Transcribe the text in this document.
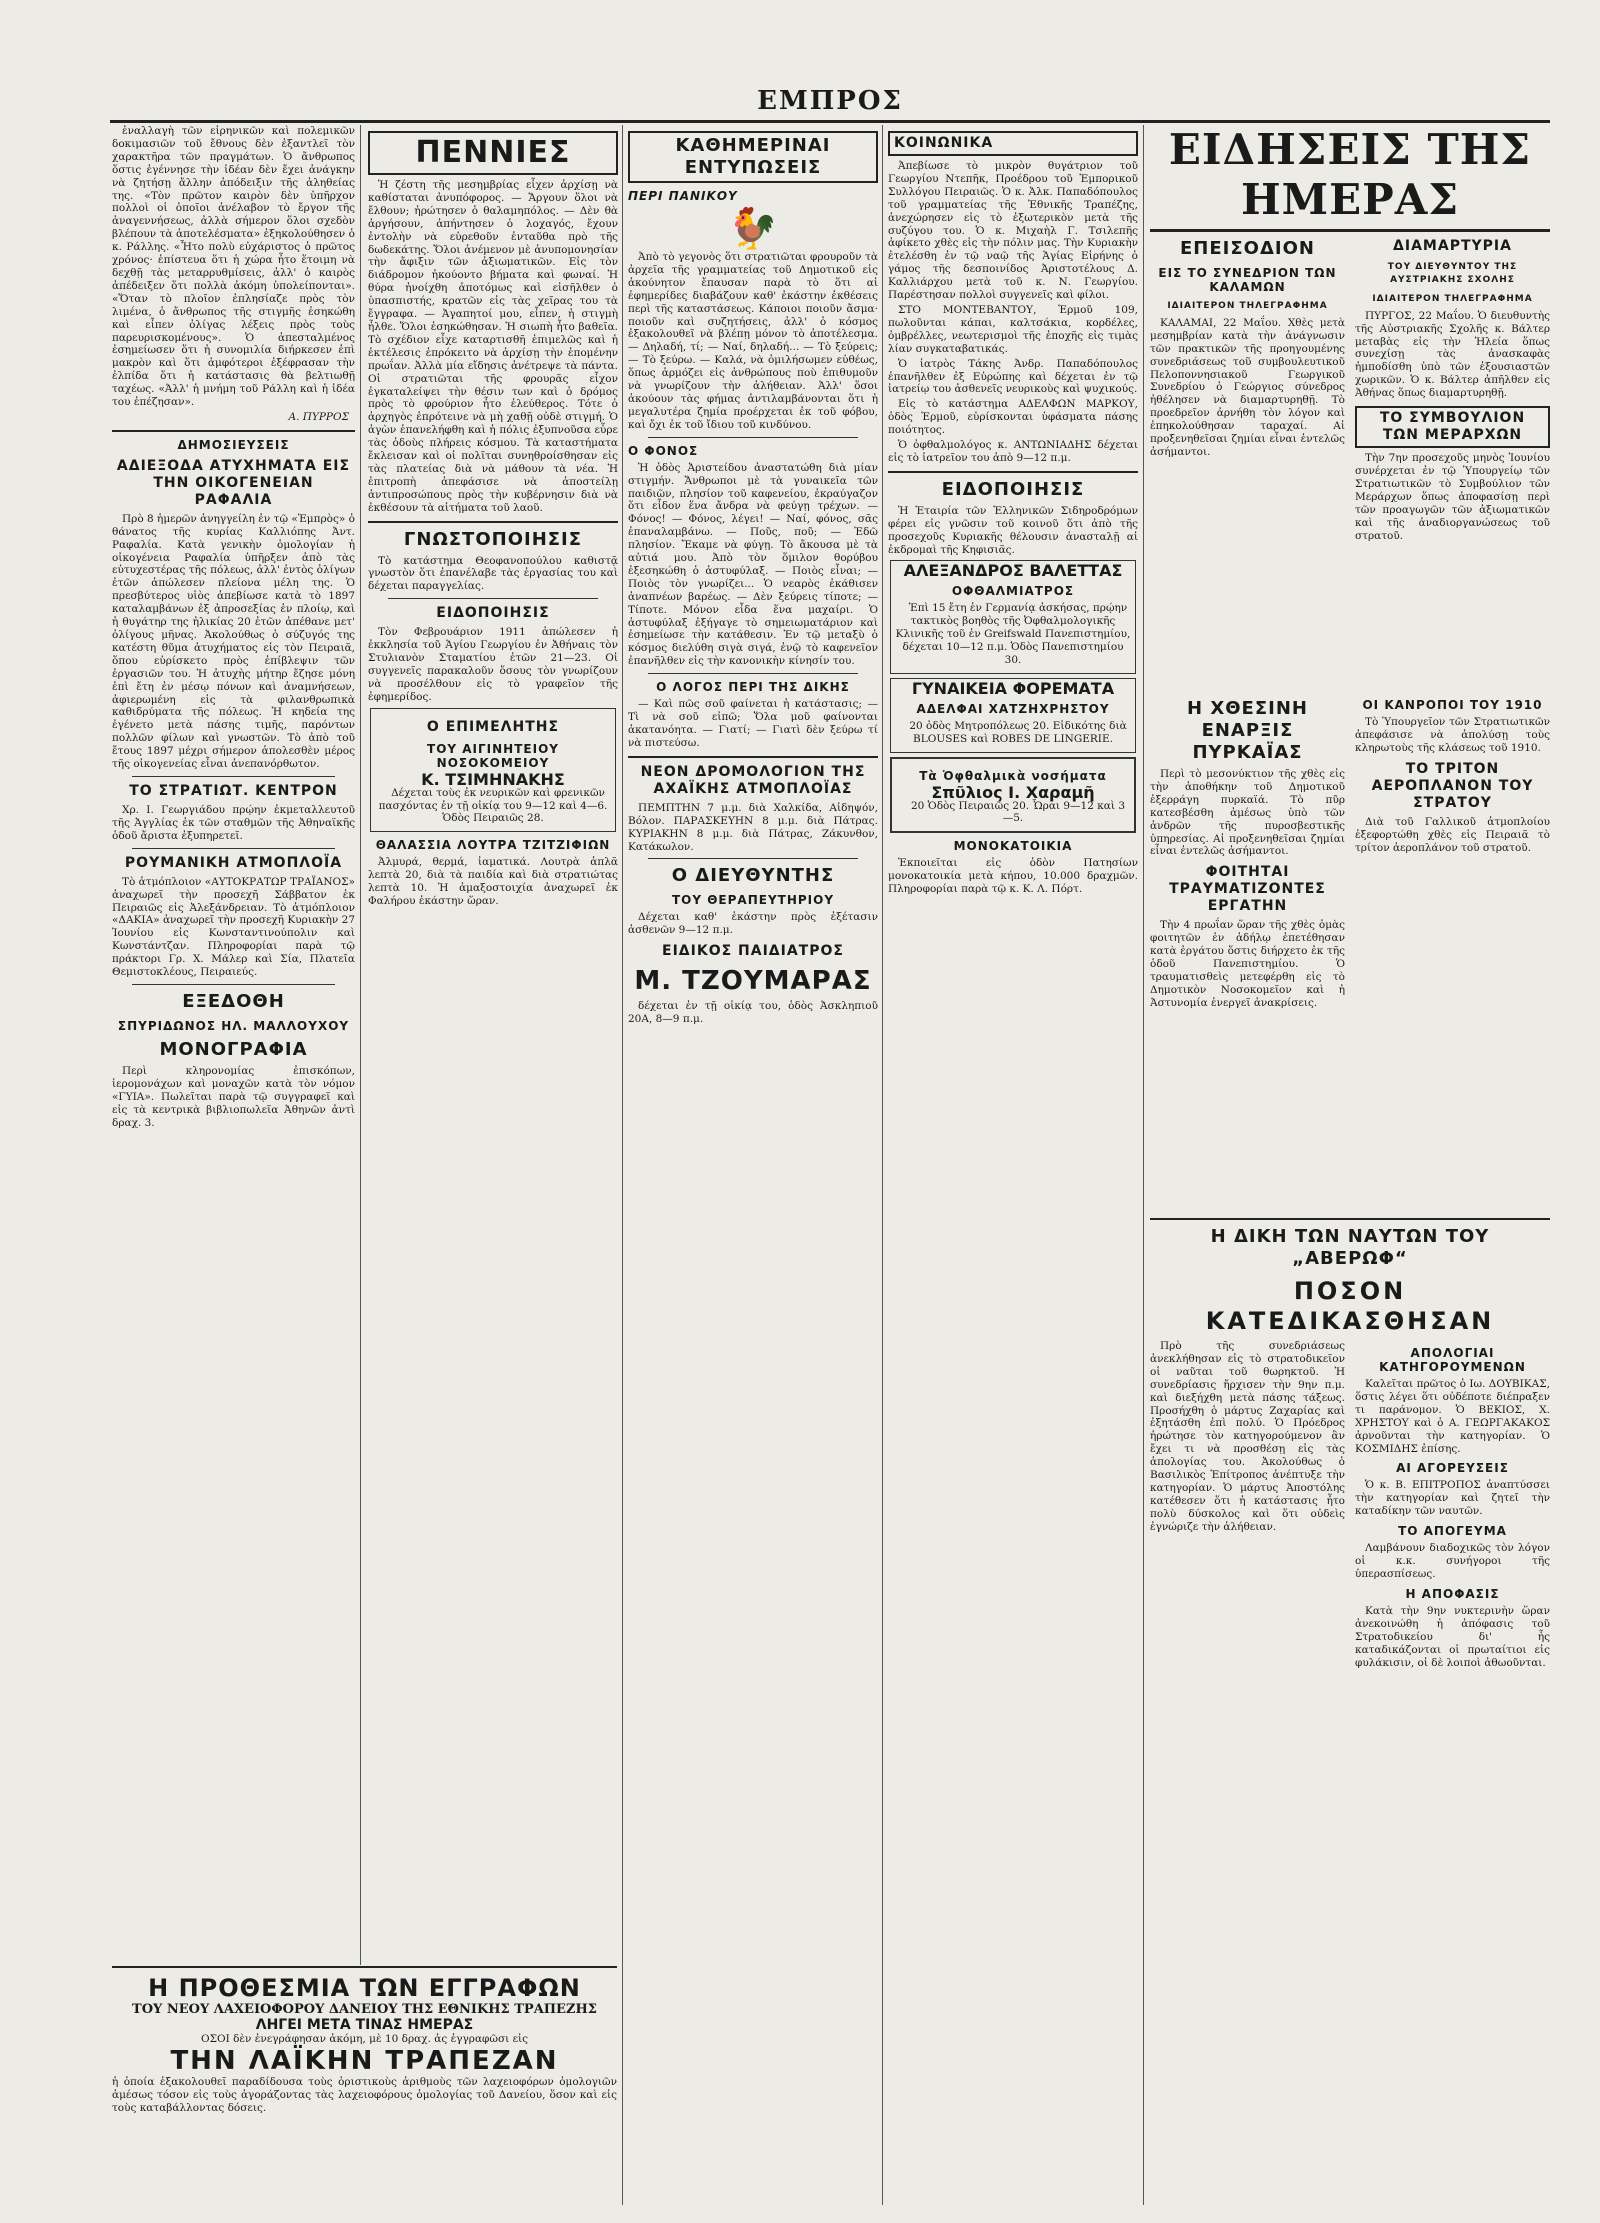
ΕΜΠΡΟΣ

ἐναλλαγὴ τῶν εἰρηνικῶν καὶ πολεμικῶν δοκιμασιῶν τοῦ ἔθνους δὲν ἐξαντλεῖ τὸν χαρακτῆρα τῶν πραγμάτων. Ὁ ἄνθρωπος ὅστις ἐγέννησε τὴν ἰδέαν δὲν ἔχει ἀνάγκην νὰ ζητήσῃ ἄλλην ἀπόδειξιν τῆς ἀληθείας της. «Τὸν πρῶτον καιρὸν δὲν ὑπῆρχον πολλοὶ οἱ ὁποῖοι ἀνέλαβον τὸ ἔργον τῆς ἀναγεννήσεως, ἀλλὰ σήμερον ὅλοι σχεδὸν βλέπουν τὰ ἀποτελέσματα» ἐξηκολούθησεν ὁ κ. Ράλλης. «Ἦτο πολὺ εὐχάριστος ὁ πρῶτος χρόνος· ἐπίστευα ὅτι ἡ χώρα ἦτο ἕτοιμη νὰ δεχθῇ τὰς μεταρρυθμίσεις, ἀλλ' ὁ καιρὸς ἀπέδειξεν ὅτι πολλὰ ἀκόμη ὑπολείπονται». «Ὅταν τὸ πλοῖον ἐπλησίαζε πρὸς τὸν λιμένα, ὁ ἄνθρωπος τῆς στιγμῆς ἐσηκώθη καὶ εἶπεν ὀλίγας λέξεις πρὸς τοὺς παρευρισκομένους». Ὁ ἀπεσταλμένος ἐσημείωσεν ὅτι ἡ συνομιλία διήρκεσεν ἐπὶ μακρὸν καὶ ὅτι ἀμφότεροι ἐξέφρασαν τὴν ἐλπίδα ὅτι ἡ κατάστασις θὰ βελτιωθῇ ταχέως. «Ἀλλ' ἡ μνήμη τοῦ Ράλλη καὶ ἡ ἰδέα του ἐπέζησαν».

Α. ΠΥΡΡΟΣ
ΔΗΜΟΣΙΕΥΣΕΙΣ
ΑΔΙΕΞΟΔΑ ΑΤΥΧΗΜΑΤΑ ΕΙΣ ΤΗΝ ΟΙΚΟΓΕΝΕΙΑΝ ΡΑΦΑΛΙΑ

Πρὸ 8 ἡμερῶν ἀνηγγείλη ἐν τῷ «Ἐμπρὸς» ὁ θάνατος τῆς κυρίας Καλλιόπης Ἀντ. Ραφαλία. Κατὰ γενικὴν ὁμολογίαν ἡ οἰκογένεια Ραφαλία ὑπῆρξεν ἀπὸ τὰς εὐτυχεστέρας τῆς πόλεως, ἀλλ' ἐντὸς ὀλίγων ἐτῶν ἀπώλεσεν πλείονα μέλη της. Ὁ πρεσβύτερος υἱὸς ἀπεβίωσε κατὰ τὸ 1897 καταλαμβάνων ἐξ ἀπροσεξίας ἐν πλοίῳ, καὶ ἡ θυγάτηρ της ἡλικίας 20 ἐτῶν ἀπέθανε μετ' ὀλίγους μῆνας. Ἀκολούθως ὁ σύζυγός της κατέστη θῦμα ἀτυχήματος εἰς τὸν Πειραιᾶ, ὅπου εὑρίσκετο πρὸς ἐπίβλεψιν τῶν ἐργασιῶν του. Ἡ ἀτυχὴς μήτηρ ἔζησε μόνη ἐπὶ ἔτη ἐν μέσῳ πόνων καὶ ἀναμνήσεων, ἀφιερωμένη εἰς τὰ φιλανθρωπικὰ καθιδρύματα τῆς πόλεως. Ἡ κηδεία της ἐγένετο μετὰ πάσης τιμῆς, παρόντων πολλῶν φίλων καὶ γνωστῶν. Τὸ ἀπὸ τοῦ ἔτους 1897 μέχρι σήμερον ἀπολεσθὲν μέρος τῆς οἰκογενείας εἶναι ἀνεπανόρθωτον.

ΤΟ ΣΤΡΑΤΙΩΤ. ΚΕΝΤΡΟΝ

Χρ. Ι. Γεωργιάδου πρῴην ἐκμεταλλευτοῦ τῆς Ἀγγλίας ἐκ τῶν σταθμῶν τῆς Ἀθηναϊκῆς ὁδοῦ ἄριστα ἐξυπηρετεῖ.

ΡΟΥΜΑΝΙΚΗ ΑΤΜΟΠΛΟΪΑ

Τὸ ἀτμόπλοιον «ΑΥΤΟΚΡΑΤΩΡ ΤΡΑΪΑΝΟΣ» ἀναχωρεῖ τὴν προσεχῆ Σάββατον ἐκ Πειραιῶς εἰς Ἀλεξάνδρειαν. Τὸ ἀτμόπλοιον «ΔΑΚΙΑ» ἀναχωρεῖ τὴν προσεχῆ Κυριακὴν 27 Ἰουνίου εἰς Κωνσταντινούπολιν καὶ Κωνστάντζαν. Πληροφορίαι παρὰ τῷ πράκτορι Γρ. Χ. Μάλερ καὶ Σία, Πλατεῖα Θεμιστοκλέους, Πειραιεύς.

ΕΞΕΔΟΘΗ
ΣΠΥΡΙΔΩΝΟΣ ΗΛ. ΜΑΛΛΟΥΧΟΥ
ΜΟΝΟΓΡΑΦΙΑ

Περὶ κληρονομίας ἐπισκόπων, ἱερομονάχων καὶ μοναχῶν κατὰ τὸν νόμον «ΓΥΙΑ». Πωλεῖται παρὰ τῷ συγγραφεῖ καὶ εἰς τὰ κεντρικὰ βιβλιοπωλεῖα Ἀθηνῶν ἀντὶ δραχ. 3.

ΠΕΝΝΙΕΣ

Ἡ ζέστη τῆς μεσημβρίας εἶχεν ἀρχίσῃ νὰ καθίσταται ἀνυπόφορος. — Ἄργουν ὅλοι νὰ ἔλθουν; ἠρώτησεν ὁ θαλαμηπόλος. — Δὲν θὰ ἀργήσουν, ἀπήντησεν ὁ λοχαγός, ἔχουν ἐντολὴν νὰ εὑρεθοῦν ἐνταῦθα πρὸ τῆς δωδεκάτης. Ὅλοι ἀνέμενον μὲ ἀνυπομονησίαν τὴν ἄφιξιν τῶν ἀξιωματικῶν. Εἰς τὸν διάδρομον ἠκούοντο βήματα καὶ φωναί. Ἡ θύρα ἠνοίχθη ἀποτόμως καὶ εἰσῆλθεν ὁ ὑπασπιστής, κρατῶν εἰς τὰς χεῖρας του τὰ ἔγγραφα. — Ἀγαπητοί μου, εἶπεν, ἡ στιγμὴ ἦλθε. Ὅλοι ἐσηκώθησαν. Ἡ σιωπὴ ἦτο βαθεῖα. Τὸ σχέδιον εἶχε καταρτισθῆ ἐπιμελῶς καὶ ἡ ἐκτέλεσις ἐπρόκειτο νὰ ἀρχίσῃ τὴν ἑπομένην πρωΐαν. Ἀλλὰ μία εἴδησις ἀνέτρεψε τὰ πάντα. Οἱ στρατιῶται τῆς φρουρᾶς εἶχον ἐγκαταλείψει τὴν θέσιν των καὶ ὁ δρόμος πρὸς τὸ φρούριον ἦτο ἐλεύθερος. Τότε ὁ ἀρχηγὸς ἐπρότεινε νὰ μὴ χαθῇ οὐδὲ στιγμή. Ὁ ἀγὼν ἐπανελήφθη καὶ ἡ πόλις ἐξυπνοῦσα εὗρε τὰς ὁδοὺς πλήρεις κόσμου. Τὰ καταστήματα ἔκλεισαν καὶ οἱ πολῖται συνηθροίσθησαν εἰς τὰς πλατείας διὰ νὰ μάθουν τὰ νέα. Ἡ ἐπιτροπὴ ἀπεφάσισε νὰ ἀποστείλῃ ἀντιπροσώπους πρὸς τὴν κυβέρνησιν διὰ νὰ ἐκθέσουν τὰ αἰτήματα τοῦ λαοῦ.

ΓΝΩΣΤΟΠΟΙΗΣΙΣ

Τὸ κατάστημα Θεοφανοπούλου καθιστᾷ γνωστὸν ὅτι ἐπανέλαβε τὰς ἐργασίας του καὶ δέχεται παραγγελίας.

ΕΙΔΟΠΟΙΗΣΙΣ

Τὸν Φεβρουάριον 1911 ἀπώλεσεν ἡ ἐκκλησία τοῦ Ἁγίου Γεωργίου ἐν Ἀθήναις τὸν Στυλιανὸν Σταματίου ἐτῶν 21—23. Οἱ συγγενεῖς παρακαλοῦν ὅσους τὸν γνωρίζουν νὰ προσέλθουν εἰς τὸ γραφεῖον τῆς ἐφημερίδος.

Ο ΕΠΙΜΕΛΗΤΗΣ
ΤΟΥ ΑΙΓΙΝΗΤΕΙΟΥ ΝΟΣΟΚΟΜΕΙΟΥ
Κ. ΤΣΙΜΗΝΑΚΗΣ

Δέχεται τοὺς ἐκ νευρικῶν καὶ φρενικῶν πασχόντας ἐν τῇ οἰκίᾳ του 9—12 καὶ 4—6. Ὁδὸς Πειραιῶς 28.

ΘΑΛΑΣΣΙΑ ΛΟΥΤΡΑ ΤΖΙΤΖΙΦΙΩΝ

Ἀλμυρά, θερμά, ἰαματικά. Λουτρὰ ἁπλᾶ λεπτὰ 20, διὰ τὰ παιδία καὶ διὰ στρατιώτας λεπτὰ 10. Ἡ ἀμαξοστοιχία ἀναχωρεῖ ἐκ Φαλήρου ἑκάστην ὥραν.

Η ΠΡΟΘΕΣΜΙΑ ΤΩΝ ΕΓΓΡΑΦΩΝ
ΤΟΥ ΝΕΟΥ ΛΑΧΕΙΟΦΟΡΟΥ ΔΑΝΕΙΟΥ ΤΗΣ ΕΘΝΙΚΗΣ ΤΡΑΠΕΖΗΣ
ΛΗΓΕΙ ΜΕΤΑ ΤΙΝΑΣ ΗΜΕΡΑΣ
ΟΣΟΙ δὲν ἐνεγράφησαν ἀκόμη, μὲ 10 δραχ. ἀς ἐγγραφῶσι εἰς
ΤΗΝ ΛΑΪΚΗΝ ΤΡΑΠΕΖΑΝ
ἡ ὁποία ἐξακολουθεῖ παραδίδουσα τοὺς ὁριστικοὺς ἀριθμοὺς τῶν λαχειοφόρων ὁμολογιῶν ἀμέσως τόσον εἰς τοὺς ἀγοράζοντας τὰς λαχειοφόρους ὁμολογίας τοῦ Δανείου, ὅσον καὶ εἰς τοὺς καταβάλλοντας δόσεις.
ΚΑΘΗΜΕΡΙΝΑΙ ΕΝΤΥΠΩΣΕΙΣ
ΠΕΡΙ ΠΑΝΙΚΟΥ
🐓

Ἀπὸ τὸ γεγονὸς ὅτι στρατιῶται φρουροῦν τὰ ἀρχεῖα τῆς γραμματείας τοῦ Δημοτικοῦ εἰς ἀκούνητον ἔπαυσαν παρὰ τὸ ὅτι αἱ ἐφημερίδες διαβάζουν καθ' ἑκάστην ἐκθέσεις περὶ τῆς καταστάσεως. Κάποιοι ποιοῦν ἄσμα· ποιοῦν καὶ συζητήσεις, ἀλλ' ὁ κόσμος ἐξακολουθεῖ νὰ βλέπῃ μόνον τὸ ἀποτέλεσμα. — Δηλαδή, τί; — Ναί, δηλαδή... — Τὸ ξεύρεις; — Τὸ ξεύρω. — Καλά, νὰ ὁμιλήσωμεν εὐθέως, ὅπως ἁρμόζει εἰς ἀνθρώπους ποὺ ἐπιθυμοῦν νὰ γνωρίζουν τὴν ἀλήθειαν. Ἀλλ' ὅσοι ἀκούουν τὰς φήμας ἀντιλαμβάνονται ὅτι ἡ μεγαλυτέρα ζημία προέρχεται ἐκ τοῦ φόβου, καὶ ὄχι ἐκ τοῦ ἴδιου τοῦ κινδύνου.

Ο ΦΟΝΟΣ

Ἡ ὁδὸς Ἀριστείδου ἀναστατώθη διὰ μίαν στιγμήν. Ἄνθρωποι μὲ τὰ γυναικεῖα τῶν παιδιῶν, πλησίον τοῦ καφενείου, ἐκραύγαζον ὅτι εἶδον ἕνα ἄνδρα νὰ φεύγῃ τρέχων. — Φόνος! — Φόνος, λέγει! — Ναί, φόνος, σᾶς ἐπαναλαμβάνω. — Ποῦς, ποῦ; — Ἐδῶ πλησίον. Ἔκαμε νὰ φύγῃ. Τὸ ἄκουσα μὲ τὰ αὐτιά μου. Ἀπὸ τὸν ὅμιλον θορύβου ἐξεσηκώθη ὁ ἀστυφύλαξ. — Ποιὸς εἶναι; — Ποιὸς τὸν γνωρίζει... Ὁ νεαρὸς ἐκάθισεν ἀναπνέων βαρέως. — Δὲν ξεύρεις τίποτε; — Τίποτε. Μόνον εἶδα ἕνα μαχαίρι. Ὁ ἀστυφύλαξ ἐξήγαγε τὸ σημειωματάριον καὶ ἐσημείωσε τὴν κατάθεσιν. Ἐν τῷ μεταξὺ ὁ κόσμος διελύθη σιγὰ σιγά, ἐνῷ τὸ καφενεῖον ἐπανῆλθεν εἰς τὴν κανονικὴν κίνησίν του.

Ο ΛΟΓΟΣ ΠΕΡΙ ΤΗΣ ΔΙΚΗΣ

— Καὶ πῶς σοῦ φαίνεται ἡ κατάστασις; — Τὶ νὰ σοῦ εἰπῶ; Ὅλα μοῦ φαίνονται ἀκατανόητα. — Γιατί; — Γιατὶ δὲν ξεύρω τί νὰ πιστεύσω.

ΝΕΟΝ ΔΡΟΜΟΛΟΓΙΟΝ ΤΗΣ ΑΧΑΪΚΗΣ ΑΤΜΟΠΛΟΪΑΣ

ΠΕΜΠΤΗΝ 7 μ.μ. διὰ Χαλκίδα, Αἰδηψόν, Βόλον. ΠΑΡΑΣΚΕΥΗΝ 8 μ.μ. διὰ Πάτρας. ΚΥΡΙΑΚΗΝ 8 μ.μ. διὰ Πάτρας, Ζάκυνθον, Κατάκωλον.

Ο ΔΙΕΥΘΥΝΤΗΣ
ΤΟΥ ΘΕΡΑΠΕΥΤΗΡΙΟΥ

Δέχεται καθ' ἑκάστην πρὸς ἐξέτασιν ἀσθενῶν 9—12 π.μ.

ΕΙΔΙΚΟΣ ΠΑΙΔΙΑΤΡΟΣ
Μ. ΤΖΟΥΜΑΡΑΣ

δέχεται ἐν τῇ οἰκίᾳ του, ὁδὸς Ἀσκληπιοῦ 20Α, 8—9 π.μ.

ΚΟΙΝΩΝΙΚΑ

Ἀπεβίωσε τὸ μικρὸν θυγάτριον τοῦ Γεωργίου Ντεπῆκ, Προέδρου τοῦ Ἐμπορικοῦ Συλλόγου Πειραιῶς. Ὁ κ. Ἀλκ. Παπαδόπουλος τοῦ γραμματείας τῆς Ἐθνικῆς Τραπέζης, ἀνεχώρησεν εἰς τὸ ἐξωτερικὸν μετὰ τῆς συζύγου του. Ὁ κ. Μιχαὴλ Γ. Τσιλεπῆς ἀφίκετο χθὲς εἰς τὴν πόλιν μας. Τὴν Κυριακὴν ἐτελέσθη ἐν τῷ ναῷ τῆς Ἁγίας Εἰρήνης ὁ γάμος τῆς δεσποινίδος Ἀριστοτέλους Δ. Καλλιάρχου μετὰ τοῦ κ. Ν. Γεωργίου. Παρέστησαν πολλοὶ συγγενεῖς καὶ φίλοι.

ΣΤΟ ΜΟΝΤΕΒΑΝΤΟΥ, Ἑρμοῦ 109, πωλοῦνται κάπαι, καλτσάκια, κορδέλες, ὀμβρέλλες, νεωτερισμοὶ τῆς ἐποχῆς εἰς τιμὰς λίαν συγκαταβατικάς.

Ὁ ἰατρὸς Τάκης Ἀνδρ. Παπαδόπουλος ἐπανῆλθεν ἐξ Εὐρώπης καὶ δέχεται ἐν τῷ ἰατρείῳ του ἀσθενεῖς νευρικοὺς καὶ ψυχικούς.

Εἰς τὸ κατάστημα ΑΔΕΛΦΩΝ ΜΑΡΚΟΥ, ὁδὸς Ἑρμοῦ, εὑρίσκονται ὑφάσματα πάσης ποιότητος.

Ὁ ὀφθαλμολόγος κ. ΑΝΤΩΝΙΑΔΗΣ δέχεται εἰς τὸ ἰατρεῖον του ἀπὸ 9—12 π.μ.

ΕΙΔΟΠΟΙΗΣΙΣ

Ἡ Ἑταιρία τῶν Ἑλληνικῶν Σιδηροδρόμων φέρει εἰς γνῶσιν τοῦ κοινοῦ ὅτι ἀπὸ τῆς προσεχοῦς Κυριακῆς θέλουσιν ἀνασταλῇ αἱ ἐκδρομαὶ τῆς Κηφισιᾶς.

ΑΛΕΞΑΝΔΡΟΣ ΒΑΛΕΤΤΑΣ
ΟΦΘΑΛΜΙΑΤΡΟΣ

Ἐπὶ 15 ἔτη ἐν Γερμανίᾳ ἀσκήσας, πρῴην τακτικὸς βοηθὸς τῆς Ὀφθαλμολογικῆς Κλινικῆς τοῦ ἐν Greifswald Πανεπιστημίου, δέχεται 10—12 π.μ. Ὁδὸς Πανεπιστημίου 30.

ΓΥΝΑΙΚΕΙΑ ΦΟΡΕΜΑΤΑ
ΑΔΕΛΦΑΙ ΧΑΤΖΗΧΡΗΣΤΟΥ

20 ὁδὸς Μητροπόλεως 20. Εἰδικότης διὰ BLOUSES καὶ ROBES DE LINGERIE.

Τὰ Ὀφθαλμικὰ νοσήματα
Σπῦλιος Ι. Χαραμῆ

20 Ὁδὸς Πειραιῶς 20. Ὧραι 9—12 καὶ 3—5.

ΜΟΝΟΚΑΤΟΙΚΙΑ

Ἐκποιεῖται εἰς ὁδὸν Πατησίων μονοκατοικία μετὰ κήπου, 10.000 δραχμῶν. Πληροφορίαι παρὰ τῷ κ. Κ. Λ. Πόρτ.

ΕΙΔΗΣΕΙΣ ΤΗΣ ΗΜΕΡΑΣ
ΕΠΕΙΣΟΔΙΟΝ
ΕΙΣ ΤΟ ΣΥΝΕΔΡΙΟΝ ΤΩΝ ΚΑΛΑΜΩΝ
ΙΔΙΑΙΤΕΡΟΝ ΤΗΛΕΓΡΑΦΗΜΑ

ΚΑΛΑΜΑΙ, 22 Μαΐου. Χθὲς μετὰ μεσημβρίαν κατὰ τὴν ἀνάγνωσιν τῶν πρακτικῶν τῆς προηγουμένης συνεδριάσεως τοῦ συμβουλευτικοῦ Πελοποννησιακοῦ Γεωργικοῦ Συνεδρίου ὁ Γεώργιος σύνεδρος ἠθέλησεν νὰ διαμαρτυρηθῇ. Τὸ προεδρεῖον ἀρνήθη τὸν λόγον καὶ ἐπηκολούθησαν ταραχαί. Αἱ προξενηθεῖσαι ζημίαι εἶναι ἐντελῶς ἀσήμαντοι.

ΔΙΑΜΑΡΤΥΡΙΑ
ΤΟΥ ΔΙΕΥΘΥΝΤΟΥ ΤΗΣ ΑΥΣΤΡΙΑΚΗΣ ΣΧΟΛΗΣ
ΙΔΙΑΙΤΕΡΟΝ ΤΗΛΕΓΡΑΦΗΜΑ

ΠΥΡΓΟΣ, 22 Μαΐου. Ὁ διευθυντὴς τῆς Αὐστριακῆς Σχολῆς κ. Βάλτερ μεταβὰς εἰς τὴν Ἠλεία ὅπως συνεχίσῃ τὰς ἀνασκαφὰς ἠμποδίσθη ὑπὸ τῶν ἐξουσιαστῶν χωρικῶν. Ὁ κ. Βάλτερ ἀπῆλθεν εἰς Ἀθήνας ὅπως διαμαρτυρηθῇ.

ΤΟ ΣΥΜΒΟΥΛΙΟΝ ΤΩΝ ΜΕΡΑΡΧΩΝ

Τὴν 7ην προσεχοῦς μηνὸς Ἰουνίου συνέρχεται ἐν τῷ Ὑπουργείῳ τῶν Στρατιωτικῶν τὸ Συμβούλιον τῶν Μεράρχων ὅπως ἀποφασίσῃ περὶ τῶν προαγωγῶν τῶν ἀξιωματικῶν καὶ τῆς ἀναδιοργανώσεως τοῦ στρατοῦ.

Η ΧΘΕΣΙΝΗ ΕΝΑΡΞΙΣ ΠΥΡΚΑΪΑΣ

Περὶ τὸ μεσονύκτιον τῆς χθὲς εἰς τὴν ἀποθήκην τοῦ Δημοτικοῦ ἐξερράγη πυρκαϊά. Τὸ πῦρ κατεσβέσθη ἀμέσως ὑπὸ τῶν ἀνδρῶν τῆς πυροσβεστικῆς ὑπηρεσίας. Αἱ προξενηθεῖσαι ζημίαι εἶναι ἐντελῶς ἀσήμαντοι.

ΦΟΙΤΗΤΑΙ ΤΡΑΥΜΑΤΙΖΟΝΤΕΣ ΕΡΓΑΤΗΝ

Τὴν 4 πρωΐαν ὥραν τῆς χθὲς ὁμὰς φοιτητῶν ἐν ἀδήλῳ ἐπετέθησαν κατὰ ἐργάτου ὅστις διήρχετο ἐκ τῆς ὁδοῦ Πανεπιστημίου. Ὁ τραυματισθεὶς μετεφέρθη εἰς τὸ Δημοτικὸν Νοσοκομεῖον καὶ ἡ Ἀστυνομία ἐνεργεῖ ἀνακρίσεις.

ΟΙ ΚΑΝΡΟΠΟΙ ΤΟΥ 1910

Τὸ Ὑπουργεῖον τῶν Στρατιωτικῶν ἀπεφάσισε νὰ ἀπολύσῃ τοὺς κληρωτοὺς τῆς κλάσεως τοῦ 1910.

ΤΟ ΤΡΙΤΟΝ ΑΕΡΟΠΛΑΝΟΝ ΤΟΥ ΣΤΡΑΤΟΥ

Διὰ τοῦ Γαλλικοῦ ἀτμοπλοίου ἐξεφορτώθη χθὲς εἰς Πειραιᾶ τὸ τρίτον ἀεροπλάνον τοῦ στρατοῦ.

Η ΔΙΚΗ ΤΩΝ ΝΑΥΤΩΝ ΤΟΥ „ΑΒΕΡΩΦ“
ΠΟΣΟΝ ΚΑΤΕΔΙΚΑΣΘΗΣΑΝ

Πρὸ τῆς συνεδριάσεως ἀνεκλήθησαν εἰς τὸ στρατοδικεῖον οἱ ναῦται τοῦ θωρηκτοῦ. Ἡ συνεδρίασις ἤρχισεν τὴν 9ην π.μ. καὶ διεξήχθη μετὰ πάσης τάξεως. Προσήχθη ὁ μάρτυς Ζαχαρίας καὶ ἐξητάσθη ἐπὶ πολύ. Ὁ Πρόεδρος ἠρώτησε τὸν κατηγορούμενον ἂν ἔχει τι νὰ προσθέσῃ εἰς τὰς ἀπολογίας του. Ἀκολούθως ὁ Βασιλικὸς Ἐπίτροπος ἀνέπτυξε τὴν κατηγορίαν. Ὁ μάρτυς Ἀποστόλης κατέθεσεν ὅτι ἡ κατάστασις ἦτο πολὺ δύσκολος καὶ ὅτι οὐδεὶς ἐγνώριζε τὴν ἀλήθειαν.

ΑΠΟΛΟΓΙΑΙ ΚΑΤΗΓΟΡΟΥΜΕΝΩΝ

Καλεῖται πρῶτος ὁ Ιω. ΔΟΥΒΙΚΑΣ, ὅστις λέγει ὅτι οὐδέποτε διέπραξεν τι παράνομον. Ὁ ΒΕΚΙΟΣ, Χ. ΧΡΗΣΤΟΥ καὶ ὁ Α. ΓΕΩΡΓΑΚΑΚΟΣ ἀρνοῦνται τὴν κατηγορίαν. Ὁ ΚΟΣΜΙΔΗΣ ἐπίσης.

ΑΙ ΑΓΟΡΕΥΣΕΙΣ

Ὁ κ. Β. ΕΠΙΤΡΟΠΟΣ ἀναπτύσσει τὴν κατηγορίαν καὶ ζητεῖ τὴν καταδίκην τῶν ναυτῶν.

ΤΟ ΑΠΟΓΕΥΜΑ

Λαμβάνουν διαδοχικῶς τὸν λόγον οἱ κ.κ. συνήγοροι τῆς ὑπερασπίσεως.

Η ΑΠΟΦΑΣΙΣ

Κατὰ τὴν 9ην νυκτερινὴν ὥραν ἀνεκοινώθη ἡ ἀπόφασις τοῦ Στρατοδικείου δι' ἧς καταδικάζονται οἱ πρωταίτιοι εἰς φυλάκισιν, οἱ δὲ λοιποὶ ἀθωοῦνται.
